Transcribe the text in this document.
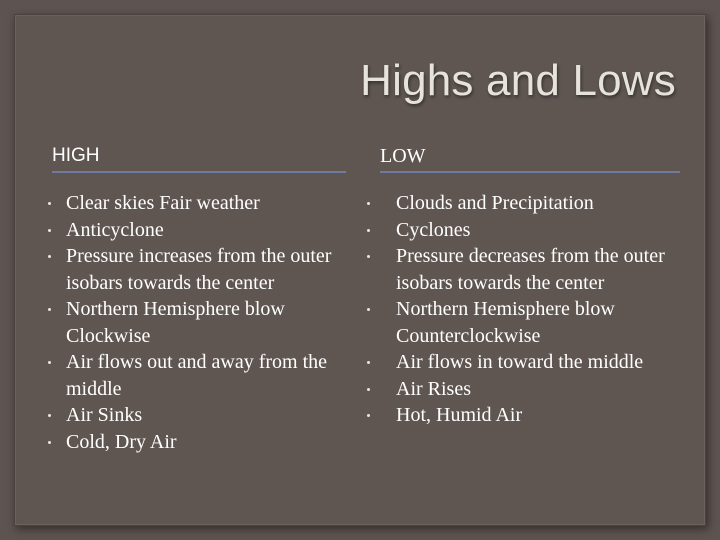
Highs and Lows
HIGH	LOW
Clear skies Fair weather
Anticyclone
Pressure increases from the outer isobars towards the center
Northern Hemisphere blow Clockwise
Air flows out and away from the middle
Air Sinks
Cold, Dry Air
Clouds and Precipitation
Cyclones
Pressure decreases from the outer isobars towards the center
Northern Hemisphere blow Counterclockwise
Air flows in toward the middle
Air Rises
Hot, Humid Air
